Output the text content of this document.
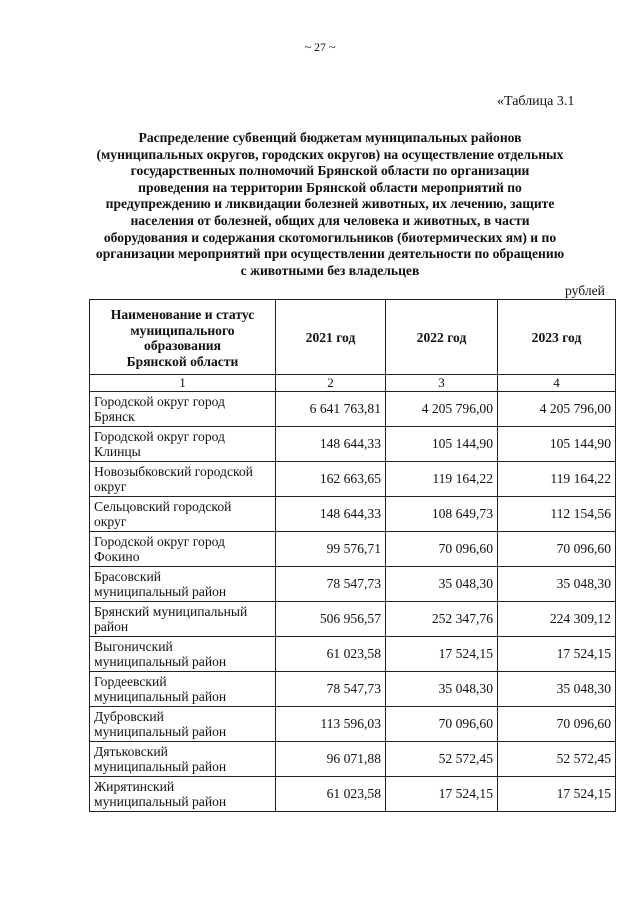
~ 27 ~
«Таблица 3.1
Распределение субвенций бюджетам муниципальных районов
(муниципальных округов, городских округов) на осуществление отдельных
государственных полномочий Брянской области по организации
проведения на территории Брянской области мероприятий по
предупреждению и ликвидации болезней животных, их лечению, защите
населения от болезней, общих для человека и животных, в части
оборудования и содержания скотомогильников (биотермических ям) и по
организации мероприятий при осуществлении деятельности по обращению
с животными без владельцев
рублей
Наименование и статус
муниципального
образования
Брянской области	2021 год	2022 год	2023 год
1	2	3	4

Городской округ город
Брянск	6 641 763,81	4 205 796,00	4 205 796,00

Городской округ город
Клинцы	148 644,33	105 144,90	105 144,90

Новозыбковский городской
округ	162 663,65	119 164,22	119 164,22

Сельцовский городской
округ	148 644,33	108 649,73	112 154,56

Городской округ город
Фокино	99 576,71	70 096,60	70 096,60

Брасовский
муниципальный район	78 547,73	35 048,30	35 048,30

Брянский муниципальный
район	506 956,57	252 347,76	224 309,12

Выгоничский
муниципальный район	61 023,58	17 524,15	17 524,15

Гордеевский
муниципальный район	78 547,73	35 048,30	35 048,30

Дубровский
муниципальный район	113 596,03	70 096,60	70 096,60

Дятьковский
муниципальный район	96 071,88	52 572,45	52 572,45

Жирятинский
муниципальный район	61 023,58	17 524,15	17 524,15
